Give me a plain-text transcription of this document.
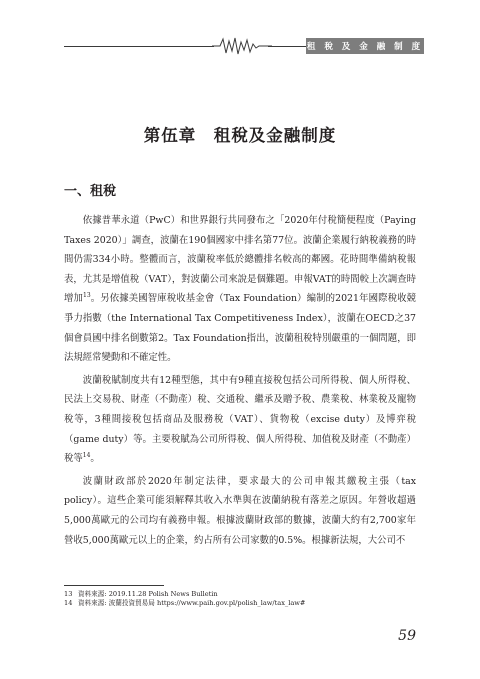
租 稅 及 金 融 制 度
第伍章　租稅及金融制度
一、租稅

依據普華永道（PwC）和世界銀行共同發布之「2020年付稅簡便程度（Paying Taxes 2020）」調查，波蘭在190個國家中排名第77位。波蘭企業履行納稅義務的時間仍需334小時。整體而言，波蘭稅率低於總體排名較高的鄰國。花時間準備納稅報表，尤其是增值稅（VAT），對波蘭公司來說是個難題。申報VAT的時間較上次調查時增加$^{13}$。另依據美國智庫稅收基金會（Tax Foundation）編制的2021年國際稅收競爭力指數（the International Tax Competitiveness Index），波蘭在OECD之37個會員國中排名倒數第2。Tax Foundation指出，波蘭租稅特別嚴重的一個問題，即法規經常變動和不確定性。

波蘭稅賦制度共有12種型態，其中有9種直接稅包括公司所得稅、個人所得稅、民法上交易稅、財產（不動產）稅、交通稅、繼承及贈予稅、農業稅、林業稅及寵物稅等，3種間接稅包括商品及服務稅（VAT）、貨物稅（excise duty）及博弈稅（game duty）等。主要稅賦為公司所得稅、個人所得稅、加值稅及財產（不動產）稅等$^{14}$。

波蘭財政部於2020年制定法律，要求最大的公司申報其繳稅主張（tax policy）。這些企業可能須解釋其收入水準與在波蘭納稅有落差之原因。年營收超過5,000萬歐元的公司均有義務申報。根據波蘭財政部的數據，波蘭大約有2,700家年營收5,000萬歐元以上的企業，約占所有公司家數的0.5%。根據新法規，大公司不

13 資料來源: 2019.11.28 Polish News Bulletin
14 資料來源: 波蘭投資貿易局 https://www.paih.gov.pl/polish_law/tax_law#
59
